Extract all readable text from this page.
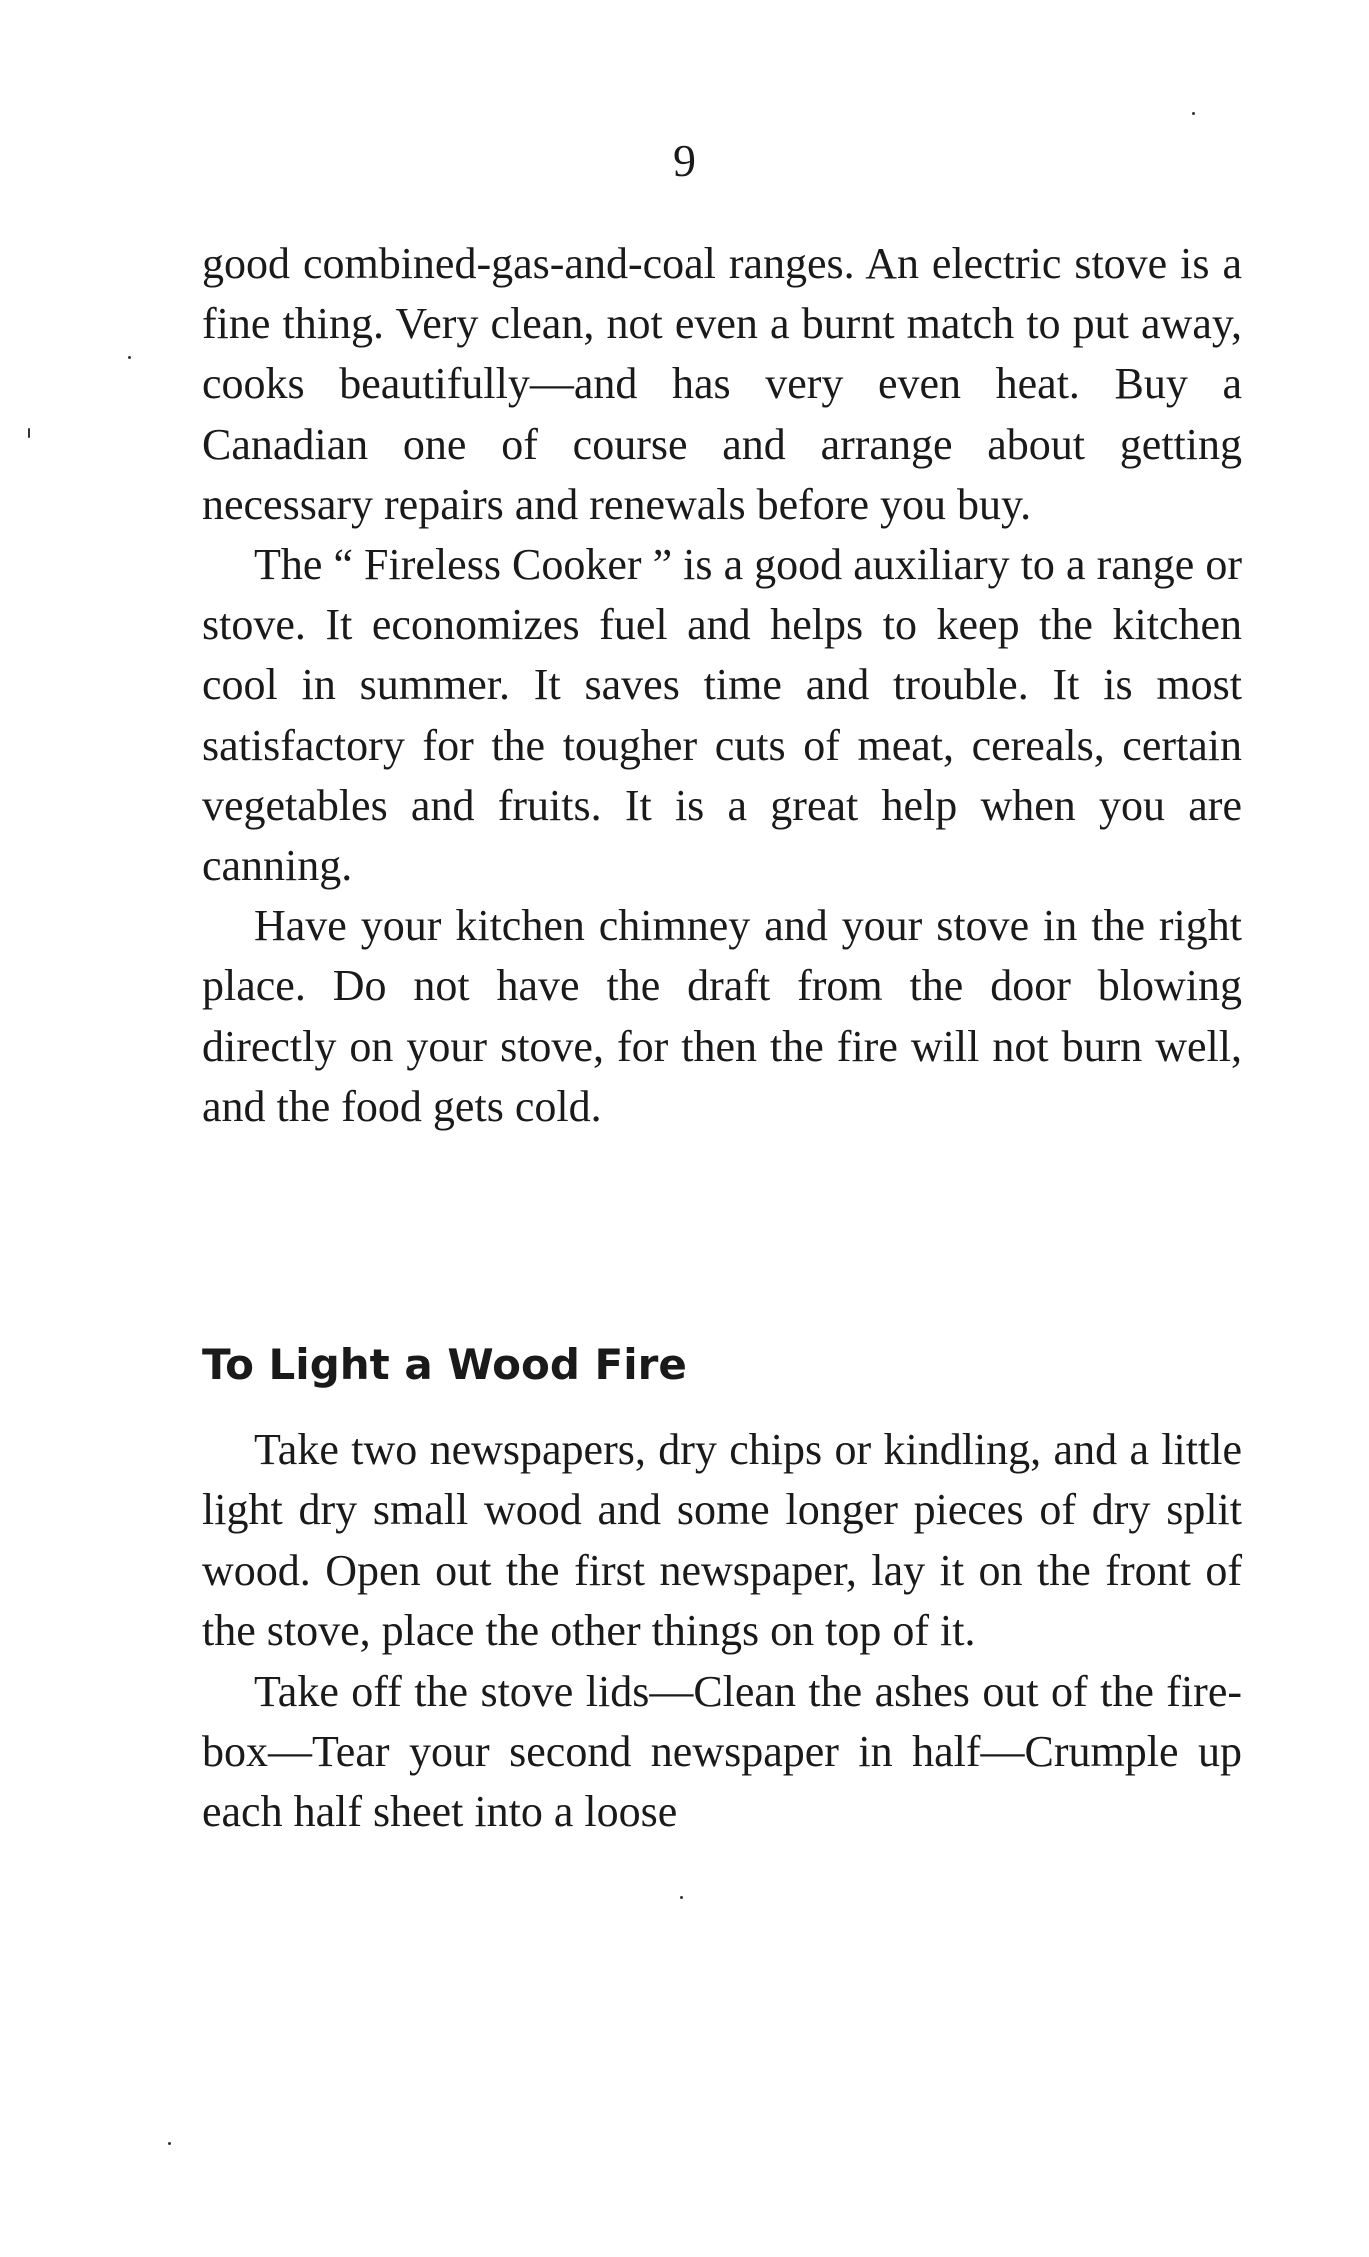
9

good combined-gas-and-coal ranges. An electric stove is a fine thing. Very clean, not even a burnt match to put away, cooks beautifully—and has very even heat. Buy a Canadian one of course and arrange about getting necessary repairs and renewals before you buy.

The “ Fireless Cooker ” is a good auxiliary to a range or stove. It economizes fuel and helps to keep the kitchen cool in summer. It saves time and trouble. It is most satisfactory for the tougher cuts of meat, cereals, certain vegetables and fruits. It is a great help when you are canning.

Have your kitchen chimney and your stove in the right place. Do not have the draft from the door blowing directly on your stove, for then the fire will not burn well, and the food gets cold.

To Light a Wood Fire

Take two newspapers, dry chips or kindling, and a little light dry small wood and some longer pieces of dry split wood. Open out the first newspaper, lay it on the front of the stove, place the other things on top of it.

Take off the stove lids—Clean the ashes out of the fire-box—Tear your second newspaper in half—Crumple up each half sheet into a loose
